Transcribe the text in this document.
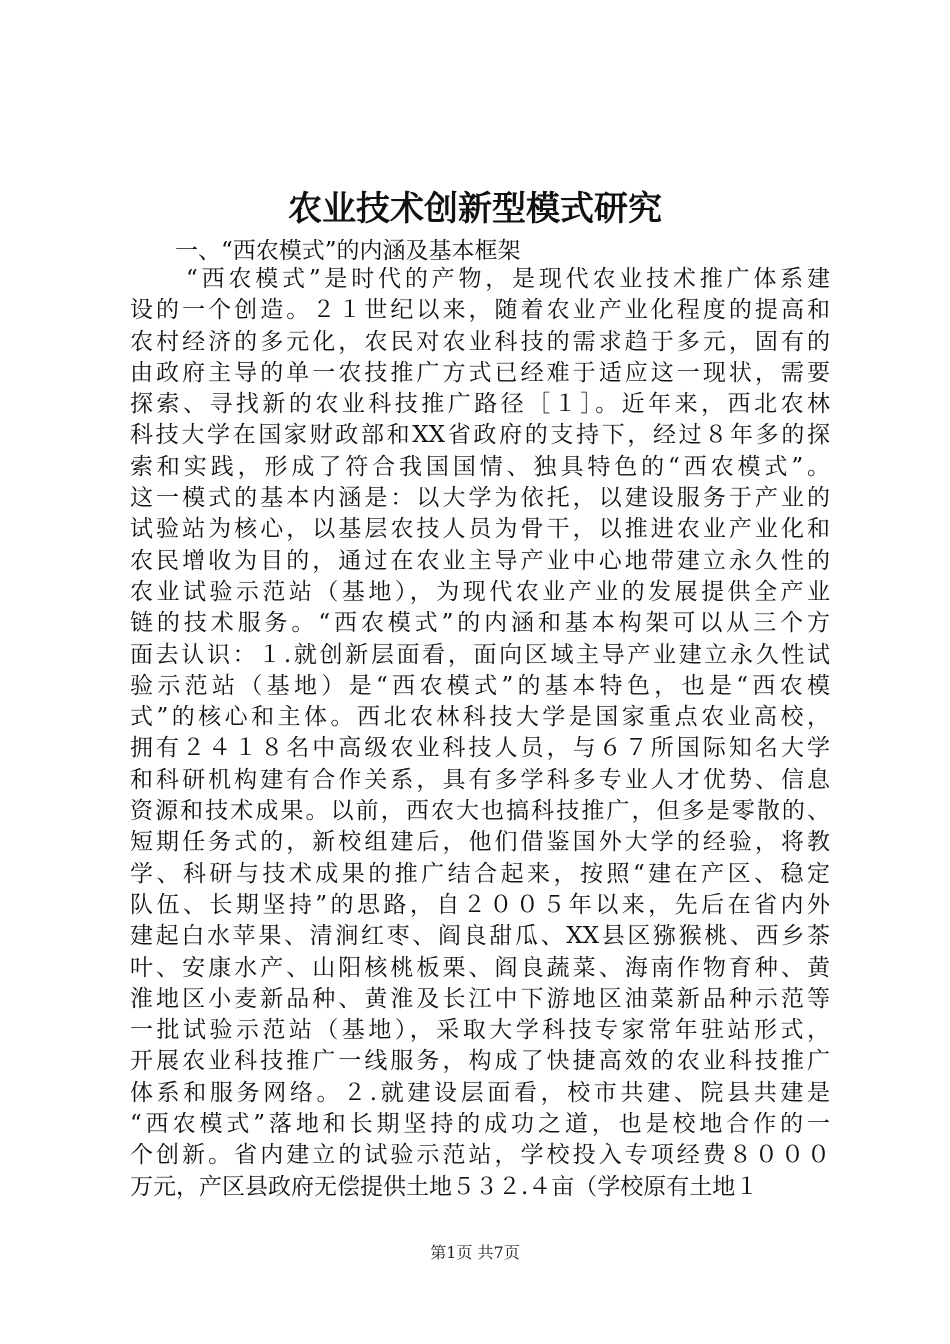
农业技术创新型模式研究

一、“西农模式”的内涵及基本框架

“西农模式”是时代的产物，是现代农业技术推广体系建
设的一个创造。２１世纪以来，随着农业产业化程度的提高和
农村经济的多元化，农民对农业科技的需求趋于多元，固有的
由政府主导的单一农技推广方式已经难于适应这一现状，需要
探索、寻找新的农业科技推广路径［１］。近年来，西北农林
科技大学在国家财政部和XX省政府的支持下，经过８年多的探
索和实践，形成了符合我国国情、独具特色的“西农模式”。
这一模式的基本内涵是：以大学为依托，以建设服务于产业的
试验站为核心，以基层农技人员为骨干，以推进农业产业化和
农民增收为目的，通过在农业主导产业中心地带建立永久性的
农业试验示范站（基地），为现代农业产业的发展提供全产业
链的技术服务。“西农模式”的内涵和基本构架可以从三个方
面去认识：１.就创新层面看，面向区域主导产业建立永久性试
验示范站（基地）是“西农模式”的基本特色，也是“西农模
式”的核心和主体。西北农林科技大学是国家重点农业高校，
拥有２４１８名中高级农业科技人员，与６７所国际知名大学
和科研机构建有合作关系，具有多学科多专业人才优势、信息
资源和技术成果。以前，西农大也搞科技推广，但多是零散的、
短期任务式的，新校组建后，他们借鉴国外大学的经验，将教
学、科研与技术成果的推广结合起来，按照“建在产区、稳定
队伍、长期坚持”的思路，自２００５年以来，先后在省内外
建起白水苹果、清涧红枣、阎良甜瓜、XX县区猕猴桃、西乡茶
叶、安康水产、山阳核桃板栗、阎良蔬菜、海南作物育种、黄
淮地区小麦新品种、黄淮及长江中下游地区油菜新品种示范等
一批试验示范站（基地），采取大学科技专家常年驻站形式，
开展农业科技推广一线服务，构成了快捷高效的农业科技推广
体系和服务网络。２.就建设层面看，校市共建、院县共建是
“西农模式”落地和长期坚持的成功之道，也是校地合作的一
个创新。省内建立的试验示范站，学校投入专项经费８０００
万元，产区县政府无偿提供土地５３２.４亩（学校原有土地１
第1页 共7页
